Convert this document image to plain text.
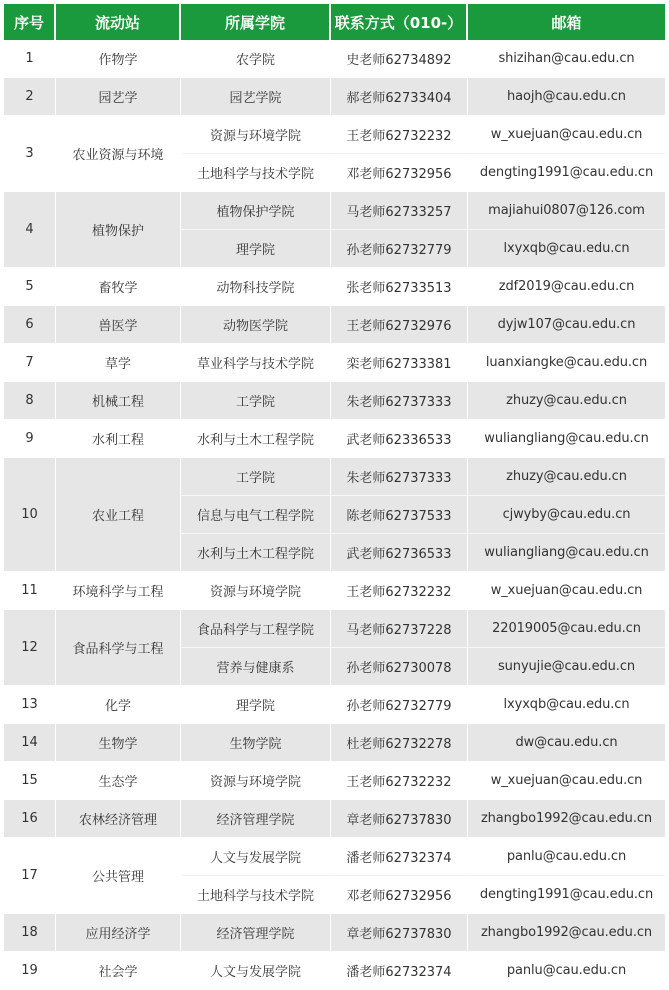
序号	流动站	所属学院	联系方式（010-）	邮箱
1	作物学	农学院	史老师62734892	shizihan@cau.edu.cn
2	园艺学	园艺学院	郝老师62733404	haojh@cau.edu.cn
3	农业资源与环境	资源与环境学院	王老师62732232	w_xuejuan@cau.edu.cn
		土地科学与技术学院	邓老师62732956	dengting1991@cau.edu.cn
4	植物保护	植物保护学院	马老师62733257	majiahui0807@126.com
		理学院	孙老师62732779	lxyxqb@cau.edu.cn
5	畜牧学	动物科技学院	张老师62733513	zdf2019@cau.edu.cn
6	兽医学	动物医学院	王老师62732976	dyjw107@cau.edu.cn
7	草学	草业科学与技术学院	栾老师62733381	luanxiangke@cau.edu.cn
8	机械工程	工学院	朱老师62737333	zhuzy@cau.edu.cn
9	水利工程	水利与土木工程学院	武老师62336533	wuliangliang@cau.edu.cn
10	农业工程	工学院	朱老师62737333	zhuzy@cau.edu.cn
		信息与电气工程学院	陈老师62737533	cjwyby@cau.edu.cn
		水利与土木工程学院	武老师62736533	wuliangliang@cau.edu.cn
11	环境科学与工程	资源与环境学院	王老师62732232	w_xuejuan@cau.edu.cn
12	食品科学与工程	食品科学与工程学院	马老师62737228	22019005@cau.edu.cn
		营养与健康系	孙老师62730078	sunyujie@cau.edu.cn
13	化学	理学院	孙老师62732779	lxyxqb@cau.edu.cn
14	生物学	生物学院	杜老师62732278	dw@cau.edu.cn
15	生态学	资源与环境学院	王老师62732232	w_xuejuan@cau.edu.cn
16	农林经济管理	经济管理学院	章老师62737830	zhangbo1992@cau.edu.cn
17	公共管理	人文与发展学院	潘老师62732374	panlu@cau.edu.cn
		土地科学与技术学院	邓老师62732956	dengting1991@cau.edu.cn
18	应用经济学	经济管理学院	章老师62737830	zhangbo1992@cau.edu.cn
19	社会学	人文与发展学院	潘老师62732374	panlu@cau.edu.cn
